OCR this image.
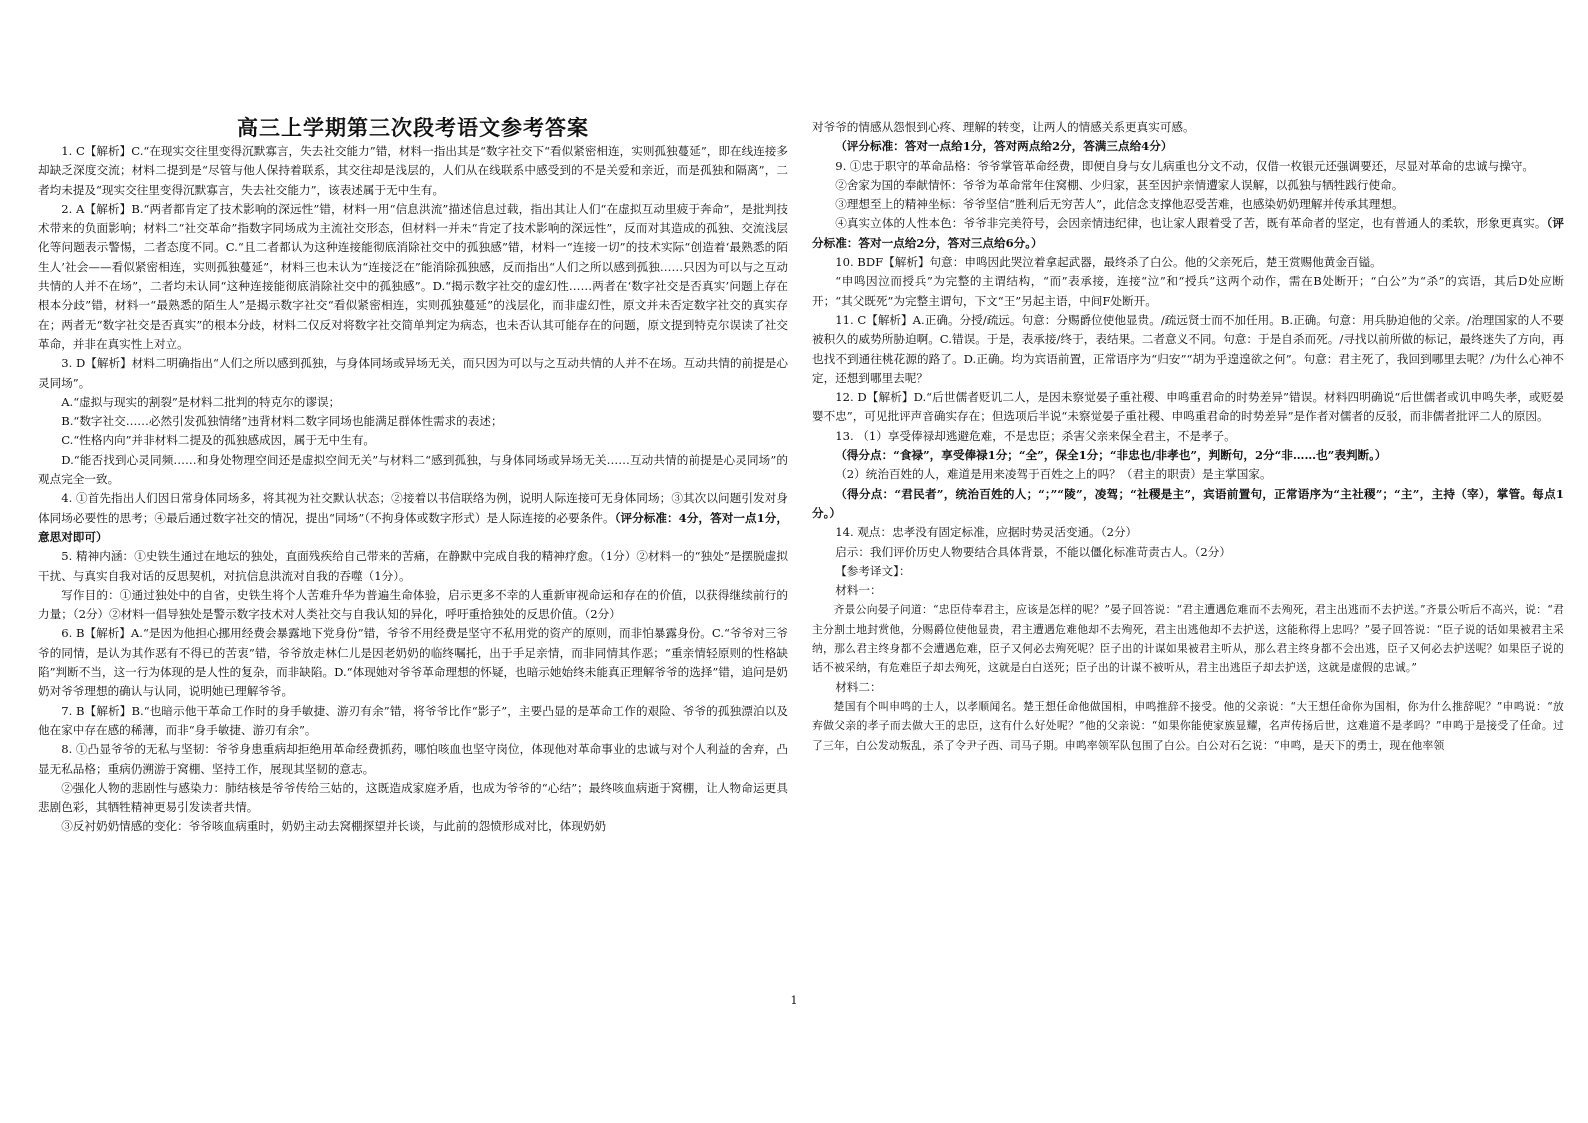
高三上学期第三次段考语文参考答案

1. C【解析】C.“在现实交往里变得沉默寡言，失去社交能力”错，材料一指出其是“数字社交下“看似紧密相连，实则孤独蔓延”，即在线连接多却缺乏深度交流；材料二提到是“尽管与他人保持着联系，其交往却是浅层的，人们从在线联系中感受到的不是关爱和亲近，而是孤独和隔离”，二者均未提及“现实交往里变得沉默寡言，失去社交能力”，该表述属于无中生有。

2. A【解析】B.“两者都肯定了技术影响的深远性”错，材料一用“信息洪流”描述信息过载，指出其让人们“在虚拟互动里疲于奔命”，是批判技术带来的负面影响；材料二“社交革命”指数字同场成为主流社交形态，但材料一并未“肯定了技术影响的深远性”，反而对其造成的孤独、交流浅层化等问题表示警惕，二者态度不同。C.“且二者都认为这种连接能彻底消除社交中的孤独感”错，材料一“连接一切”的技术实际“创造着‘最熟悉的陌生人’社会——看似紧密相连，实则孤独蔓延”，材料三也未认为“连接泛在”能消除孤独感，反而指出“人们之所以感到孤独……只因为可以与之互动共情的人并不在场”，二者均未认同“这种连接能彻底消除社交中的孤独感”。D.“揭示数字社交的虚幻性……两者在‘数字社交是否真实’问题上存在根本分歧”错，材料一“最熟悉的陌生人”是揭示数字社交“看似紧密相连，实则孤独蔓延”的浅层化，而非虚幻性，原文并未否定数字社交的真实存在；两者无“数字社交是否真实”的根本分歧，材料二仅反对将数字社交简单判定为病态，也未否认其可能存在的问题，原文提到特克尔误读了社交革命，并非在真实性上对立。

3. D【解析】材料二明确指出“人们之所以感到孤独，与身体同场或异场无关，而只因为可以与之互动共情的人并不在场。互动共情的前提是心灵同场”。

A.“虚拟与现实的割裂”是材料二批判的特克尔的谬误；

B.“数字社交……必然引发孤独情绪”违背材料二数字同场也能满足群体性需求的表述；

C.“性格内向”并非材料二提及的孤独感成因，属于无中生有。

D.“能否找到心灵同频……和身处物理空间还是虚拟空间无关”与材料二“感到孤独，与身体同场或异场无关……互动共情的前提是心灵同场”的观点完全一致。

4. ①首先指出人们因日常身体同场多，将其视为社交默认状态；②接着以书信联络为例，说明人际连接可无身体同场；③其次以问题引发对身体同场必要性的思考；④最后通过数字社交的情况，提出“同场”（不拘身体或数字形式）是人际连接的必要条件。（评分标准：4分，答对一点1分，意思对即可）

5. 精神内涵：①史铁生通过在地坛的独处，直面残疾给自己带来的苦痛，在静默中完成自我的精神疗愈。（1分）②材料一的“独处”是摆脱虚拟干扰、与真实自我对话的反思契机，对抗信息洪流对自我的吞噬（1分）。

写作目的：①通过独处中的自省，史铁生将个人苦难升华为普遍生命体验，启示更多不幸的人重新审视命运和存在的价值，以获得继续前行的力量；（2分）②材料一倡导独处是警示数字技术对人类社交与自我认知的异化，呼吁重拾独处的反思价值。（2分）

6. B【解析】A.“是因为他担心挪用经费会暴露地下党身份”错，爷爷不用经费是坚守不私用党的资产的原则，而非怕暴露身份。C.“爷爷对三爷爷的同情，是认为其作恶有不得已的苦衷”错，爷爷放走林仁儿是因老奶奶的临终嘱托，出于手足亲情，而非同情其作恶；“重亲情轻原则的性格缺陷”判断不当，这一行为体现的是人性的复杂，而非缺陷。D.“体现她对爷爷革命理想的怀疑，也暗示她始终未能真正理解爷爷的选择”错，追问是奶奶对爷爷理想的确认与认同，说明她已理解爷爷。

7. B【解析】B.“也暗示他干革命工作时的身手敏捷、游刃有余”错，将爷爷比作“影子”，主要凸显的是革命工作的艰险、爷爷的孤独漂泊以及他在家中存在感的稀薄，而非“身手敏捷、游刃有余”。

8. ①凸显爷爷的无私与坚韧：爷爷身患重病却拒绝用革命经费抓药，哪怕咳血也坚守岗位，体现他对革命事业的忠诚与对个人利益的舍弃，凸显无私品格；重病仍溯游于窝棚、坚持工作，展现其坚韧的意志。

②强化人物的悲剧性与感染力：肺结核是爷爷传给三姑的，这既造成家庭矛盾，也成为爷爷的“心结”；最终咳血病逝于窝棚，让人物命运更具悲剧色彩，其牺牲精神更易引发读者共情。

③反衬奶奶情感的变化：爷爷咳血病重时，奶奶主动去窝棚探望并长谈，与此前的怨愤形成对比，体现奶奶

对爷爷的情感从怨恨到心疼、理解的转变，让两人的情感关系更真实可感。

（评分标准：答对一点给1分，答对两点给2分，答满三点给4分）

9. ①忠于职守的革命品格：爷爷掌管革命经费，即便自身与女儿病重也分文不动，仅借一枚银元还强调要还，尽显对革命的忠诚与操守。

②舍家为国的奉献情怀：爷爷为革命常年住窝棚、少归家，甚至因护亲情遭家人误解，以孤独与牺牲践行使命。

③理想至上的精神坐标：爷爷坚信“胜利后无穷苦人”，此信念支撑他忍受苦难，也感染奶奶理解并传承其理想。

④真实立体的人性本色：爷爷非完美符号，会因亲情违纪律，也让家人跟着受了苦，既有革命者的坚定，也有普通人的柔软，形象更真实。（评分标准：答对一点给2分，答对三点给6分。）

10. BDF【解析】句意：申鸣因此哭泣着拿起武器，最终杀了白公。他的父亲死后，楚王赏赐他黄金百镒。

“申鸣因泣而授兵”为完整的主谓结构，“而”表承接，连接“泣”和“授兵”这两个动作，需在B处断开；“白公”为“杀”的宾语，其后D处应断开；“其父既死”为完整主谓句，下文“王”另起主语，中间F处断开。

11. C【解析】A.正确。分授/疏远。句意：分赐爵位使他显贵。/疏远贤士而不加任用。B.正确。句意：用兵胁迫他的父亲。/治理国家的人不要被积久的威势所胁迫啊。C.错误。于是，表承接/终于，表结果。二者意义不同。句意：于是自杀而死。/寻找以前所做的标记，最终迷失了方向，再也找不到通往桃花源的路了。D.正确。均为宾语前置，正常语序为“归安”“胡为乎遑遑欲之何”。句意：君主死了，我回到哪里去呢？/为什么心神不定，还想到哪里去呢？

12. D【解析】D.“后世儒者贬讥二人，是因未察觉晏子重社稷、申鸣重君命的时势差异”错误。材料四明确说“后世儒者或讥申鸣失孝，或贬晏婴不忠”，可见批评声音确实存在；但选项后半说“未察觉晏子重社稷、申鸣重君命的时势差异”是作者对儒者的反驳，而非儒者批评二人的原因。

13. （1）享受俸禄却逃避危难，不是忠臣；杀害父亲来保全君主，不是孝子。

（得分点：“食禄”，享受俸禄1分；“全”，保全1分；“非忠也/非孝也”，判断句，2分“非……也”表判断。）

（2）统治百姓的人，难道是用来凌驾于百姓之上的吗？（君主的职责）是主掌国家。

（得分点：“君民者”，统治百姓的人；“；”“陵”，凌驾；“社稷是主”，宾语前置句，正常语序为“主社稷”；“主”，主持（宰），掌管。每点1分。）

14. 观点：忠孝没有固定标准，应据时势灵活变通。（2分）

启示：我们评价历史人物要结合具体背景，不能以僵化标准苛责古人。（2分）

【参考译文】：

材料一：

齐景公向晏子问道：“忠臣侍奉君主，应该是怎样的呢？”晏子回答说：“君主遭遇危难而不去殉死，君主出逃而不去护送。”齐景公听后不高兴，说：“君主分割土地封赏他，分赐爵位使他显贵，君主遭遇危难他却不去殉死，君主出逃他却不去护送，这能称得上忠吗？”晏子回答说：“臣子说的话如果被君主采纳，那么君主终身都不会遭遇危难，臣子又何必去殉死呢？臣子出的计谋如果被君主听从，那么君主终身都不会出逃，臣子又何必去护送呢？如果臣子说的话不被采纳，有危难臣子却去殉死，这就是白白送死；臣子出的计谋不被听从，君主出逃臣子却去护送，这就是虚假的忠诚。”

材料二：

楚国有个叫申鸣的士人，以孝顺闻名。楚王想任命他做国相，申鸣推辞不接受。他的父亲说：“大王想任命你为国相，你为什么推辞呢？”申鸣说：“放弃做父亲的孝子而去做大王的忠臣，这有什么好处呢？”他的父亲说：“如果你能使家族显耀，名声传扬后世，这难道不是孝吗？”申鸣于是接受了任命。过了三年，白公发动叛乱，杀了令尹子西、司马子期。申鸣率领军队包围了白公。白公对石乞说：“申鸣，是天下的勇士，现在他率领

1
